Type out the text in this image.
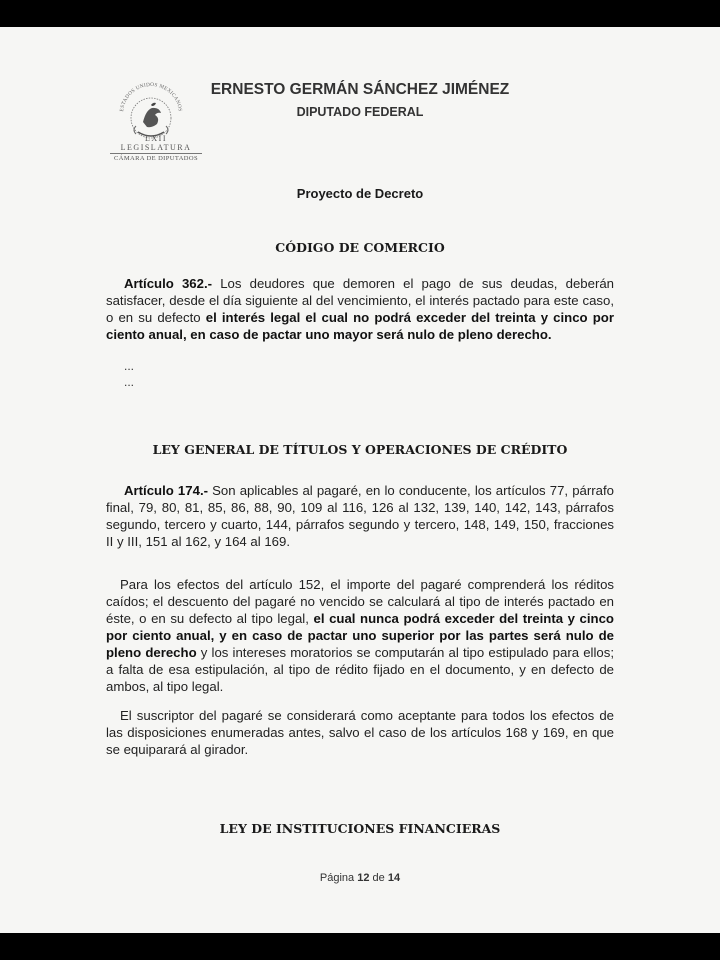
ESTADOS UNIDOS MEXICANOS
LXII LEGISLATURA
CÁMARA DE DIPUTADOS
ERNESTO GERMÁN SÁNCHEZ JIMÉNEZ
DIPUTADO FEDERAL
Proyecto de Decreto
CÓDIGO DE COMERCIO
Artículo 362.- Los deudores que demoren el pago de sus deudas, deberán satisfacer, desde el día siguiente al del vencimiento, el interés pactado para este caso, o en su defecto el interés legal el cual no podrá exceder del treinta y cinco por ciento anual, en caso de pactar uno mayor será nulo de pleno derecho.
...
...
LEY GENERAL DE TÍTULOS Y OPERACIONES DE CRÉDITO
Artículo 174.- Son aplicables al pagaré, en lo conducente, los artículos 77, párrafo final, 79, 80, 81, 85, 86, 88, 90, 109 al 116, 126 al 132, 139, 140, 142, 143, párrafos segundo, tercero y cuarto, 144, párrafos segundo y tercero, 148, 149, 150, fracciones II y III, 151 al 162, y 164 al 169.
Para los efectos del artículo 152, el importe del pagaré comprenderá los réditos caídos; el descuento del pagaré no vencido se calculará al tipo de interés pactado en éste, o en su defecto al tipo legal, el cual nunca podrá exceder del treinta y cinco por ciento anual, y en caso de pactar uno superior por las partes será nulo de pleno derecho y los intereses moratorios se computarán al tipo estipulado para ellos; a falta de esa estipulación, al tipo de rédito fijado en el documento, y en defecto de ambos, al tipo legal.
El suscriptor del pagaré se considerará como aceptante para todos los efectos de las disposiciones enumeradas antes, salvo el caso de los artículos 168 y 169, en que se equiparará al girador.
LEY DE INSTITUCIONES FINANCIERAS
Página 12 de 14
